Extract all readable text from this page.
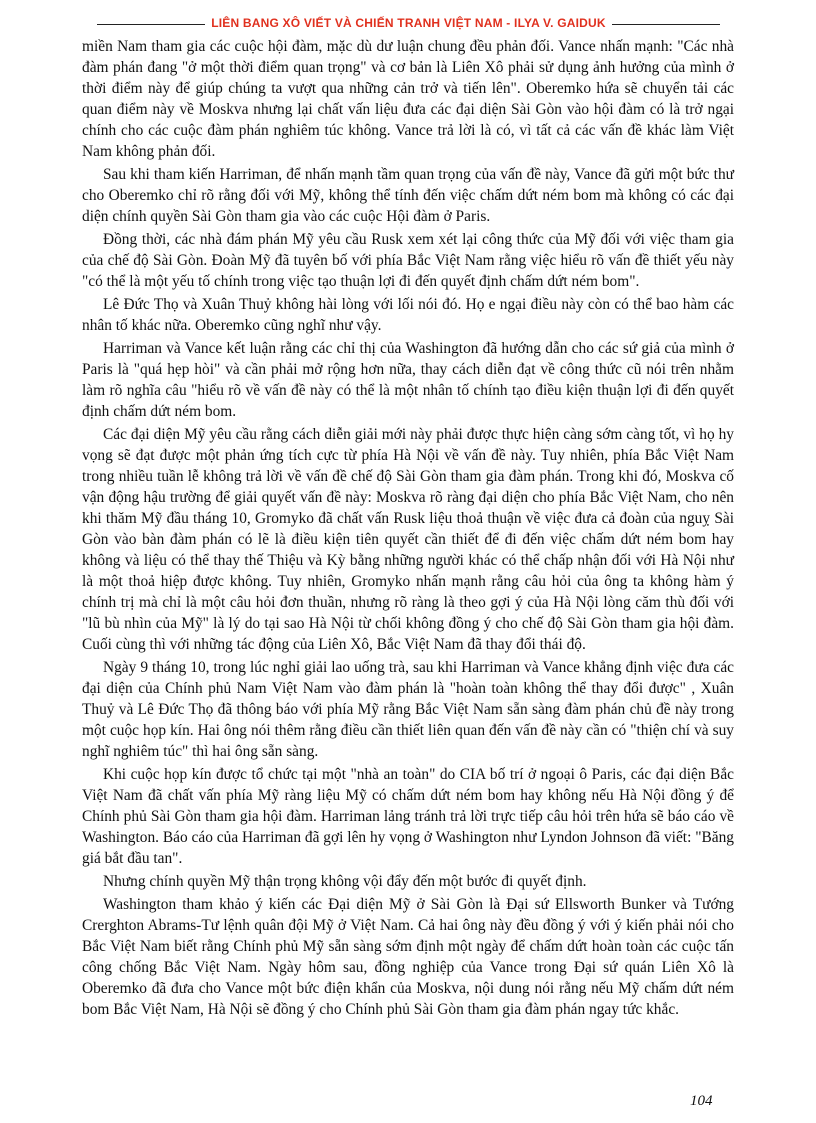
LIÊN BANG XÔ VIẾT VÀ CHIẾN TRANH VIỆT NAM - ILYA V. GAIDUK

miền Nam tham gia các cuộc hội đàm, mặc dù dư luận chung đều phản đối. Vance nhấn mạnh: "Các nhà đàm phán đang "ở một thời điểm quan trọng" và cơ bản là Liên Xô phải sử dụng ảnh hưởng của mình ở thời điểm này để giúp chúng ta vượt qua những cản trở và tiến lên". Oberemko hứa sẽ chuyển tải các quan điểm này về Moskva nhưng lại chất vấn liệu đưa các đại diện Sài Gòn vào hội đàm có là trở ngại chính cho các cuộc đàm phán nghiêm túc không. Vance trả lời là có, vì tất cả các vấn đề khác làm Việt Nam không phản đối.

Sau khi tham kiến Harriman, để nhấn mạnh tầm quan trọng của vấn đề này, Vance đã gửi một bức thư cho Oberemko chỉ rõ rằng đối với Mỹ, không thể tính đến việc chấm dứt ném bom mà không có các đại diện chính quyền Sài Gòn tham gia vào các cuộc Hội đàm ở Paris.

Đồng thời, các nhà đám phán Mỹ yêu cầu Rusk xem xét lại công thức của Mỹ đối với việc tham gia của chế độ Sài Gòn. Đoàn Mỹ đã tuyên bố với phía Bắc Việt Nam rằng việc hiểu rõ vấn đề thiết yếu này "có thể là một yếu tố chính trong việc tạo thuận lợi đi đến quyết định chấm dứt ném bom".

Lê Đức Thọ và Xuân Thuỷ không hài lòng với lối nói đó. Họ e ngại điều này còn có thể bao hàm các nhân tố khác nữa. Oberemko cũng nghĩ như vậy.

Harriman và Vance kết luận rằng các chỉ thị của Washington đã hướng dẫn cho các sứ giả của mình ở Paris là "quá hẹp hòi" và cần phải mở rộng hơn nữa, thay cách diễn đạt về công thức cũ nói trên nhằm làm rõ nghĩa câu "hiểu rõ về vấn đề này có thể là một nhân tố chính tạo điều kiện thuận lợi đi đến quyết định chấm dứt ném bom.

Các đại diện Mỹ yêu cầu rằng cách diễn giải mới này phải được thực hiện càng sớm càng tốt, vì họ hy vọng sẽ đạt được một phản ứng tích cực từ phía Hà Nội về vấn đề này. Tuy nhiên, phía Bắc Việt Nam trong nhiều tuần lễ không trả lời về vấn đề chế độ Sài Gòn tham gia đàm phán. Trong khi đó, Moskva cố vận động hậu trường để giải quyết vấn đề này: Moskva rõ ràng đại diện cho phía Bắc Việt Nam, cho nên khi thăm Mỹ đầu tháng 10, Gromyko đã chất vấn Rusk liệu thoả thuận về việc đưa cả đoàn của nguỵ Sài Gòn vào bàn đàm phán có lẽ là điều kiện tiên quyết cần thiết để đi đến việc chấm dứt ném bom hay không và liệu có thể thay thế Thiệu và Kỳ bằng những người khác có thể chấp nhận đối với Hà Nội như là một thoả hiệp được không. Tuy nhiên, Gromyko nhấn mạnh rằng câu hỏi của ông ta không hàm ý chính trị mà chỉ là một câu hỏi đơn thuần, nhưng rõ ràng là theo gợi ý của Hà Nội lòng căm thù đối với "lũ bù nhìn của Mỹ" là lý do tại sao Hà Nội từ chối không đồng ý cho chế độ Sài Gòn tham gia hội đàm. Cuối cùng thì với những tác động của Liên Xô, Bắc Việt Nam đã thay đổi thái độ.

Ngày 9 tháng 10, trong lúc nghỉ giải lao uống trà, sau khi Harriman và Vance khẳng định việc đưa các đại diện của Chính phủ Nam Việt Nam vào đàm phán là "hoàn toàn không thể thay đổi được" , Xuân Thuỷ và Lê Đức Thọ đã thông báo với phía Mỹ rằng Bắc Việt Nam sẵn sàng đàm phán chủ đề này trong một cuộc họp kín. Hai ông nói thêm rằng điều cần thiết liên quan đến vấn đề này cần có "thiện chí và suy nghĩ nghiêm túc" thì hai ông sẵn sàng.

Khi cuộc họp kín được tổ chức tại một "nhà an toàn" do CIA bố trí ở ngoại ô Paris, các đại diện Bắc Việt Nam đã chất vấn phía Mỹ ràng liệu Mỹ có chấm dứt ném bom hay không nếu Hà Nội đồng ý để Chính phủ Sài Gòn tham gia hội đàm. Harriman lảng tránh trả lời trực tiếp câu hỏi trên hứa sẽ báo cáo về Washington. Báo cáo của Harriman đã gợi lên hy vọng ở Washington như Lyndon Johnson đã viết: "Băng giá bắt đầu tan".

Nhưng chính quyền Mỹ thận trọng không vội đẩy đến một bước đi quyết định.

Washington tham khảo ý kiến các Đại diện Mỹ ở Sài Gòn là Đại sứ Ellsworth Bunker và Tướng Crerghton Abrams-Tư lệnh quân đội Mỹ ở Việt Nam. Cả hai ông này đều đồng ý với ý kiến phải nói cho Bắc Việt Nam biết rằng Chính phủ Mỹ sẵn sàng sớm định một ngày để chấm dứt hoàn toàn các cuộc tấn công chống Bắc Việt Nam. Ngày hôm sau, đồng nghiệp của Vance trong Đại sứ quán Liên Xô là Oberemko đã đưa cho Vance một bức điện khẩn của Moskva, nội dung nói rằng nếu Mỹ chấm dứt ném bom Bắc Việt Nam, Hà Nội sẽ đồng ý cho Chính phủ Sài Gòn tham gia đàm phán ngay tức khắc.

104
